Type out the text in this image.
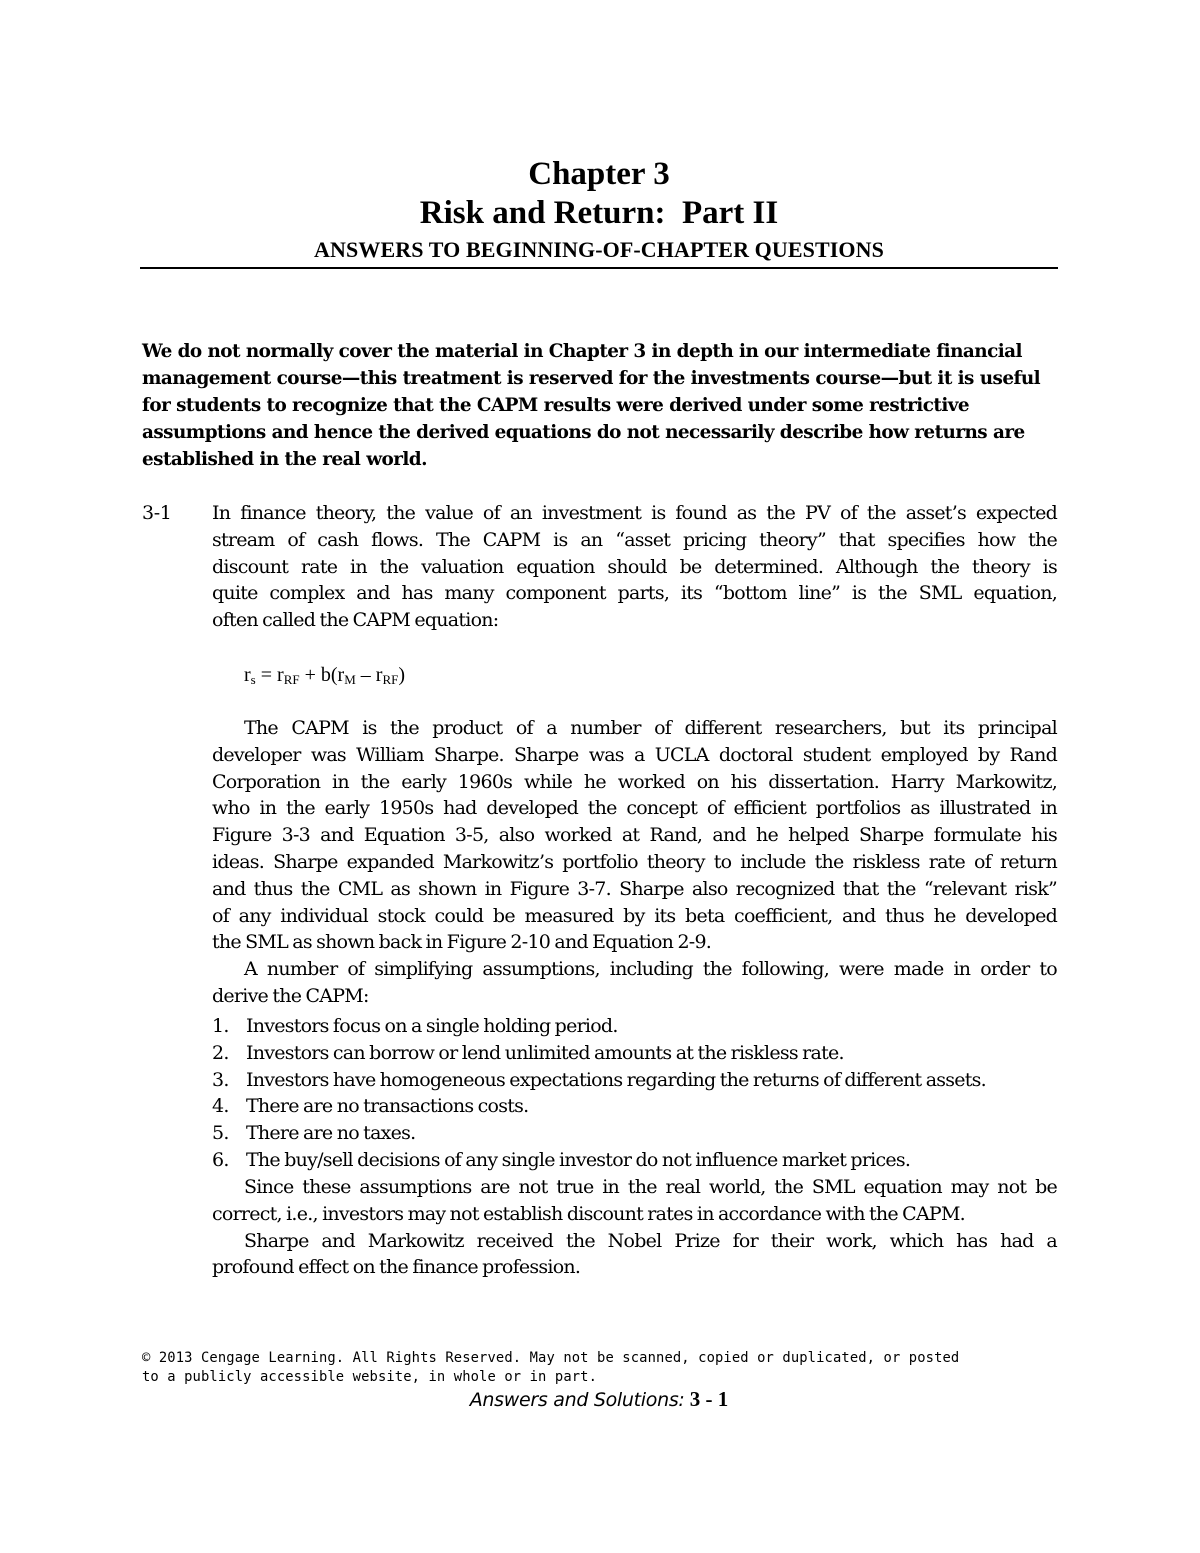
Chapter 3
Risk and Return:  Part II
ANSWERS TO BEGINNING-OF-CHAPTER QUESTIONS
We do not normally cover the material in Chapter 3 in depth in our intermediate financial
management course—this treatment is reserved for the investments course—but it is useful
for students to recognize that the CAPM results were derived under some restrictive
assumptions and hence the derived equations do not necessarily describe how returns are
established in the real world.
3-1 In finance theory, the value of an investment is found as the PV of the asset’s expected
stream of cash flows. The CAPM is an “asset pricing theory” that specifies how the
discount rate in the valuation equation should be determined. Although the theory is
quite complex and has many component parts, its “bottom line” is the SML equation,
often called the CAPM equation:
$r_s = r_{RF} + b(r_M - r_{RF})$
The CAPM is the product of a number of different researchers, but its principal
developer was William Sharpe. Sharpe was a UCLA doctoral student employed by Rand
Corporation in the early 1960s while he worked on his dissertation. Harry Markowitz,
who in the early 1950s had developed the concept of efficient portfolios as illustrated in
Figure 3-3 and Equation 3-5, also worked at Rand, and he helped Sharpe formulate his
ideas. Sharpe expanded Markowitz’s portfolio theory to include the riskless rate of return
and thus the CML as shown in Figure 3-7. Sharpe also recognized that the “relevant risk”
of any individual stock could be measured by its beta coefficient, and thus he developed
the SML as shown back in Figure 2-10 and Equation 2-9.
A number of simplifying assumptions, including the following, were made in order to
derive the CAPM:
1. Investors focus on a single holding period.
2. Investors can borrow or lend unlimited amounts at the riskless rate.
3. Investors have homogeneous expectations regarding the returns of different assets.
4. There are no transactions costs.
5. There are no taxes.
6. The buy/sell decisions of any single investor do not influence market prices.
Since these assumptions are not true in the real world, the SML equation may not be
correct, i.e., investors may not establish discount rates in accordance with the CAPM.
Sharpe and Markowitz received the Nobel Prize for their work, which has had a
profound effect on the finance profession.
© 2013 Cengage Learning. All Rights Reserved. May not be scanned, copied or duplicated, or posted
to a publicly accessible website, in whole or in part.
Answers and Solutions: 3 - 1
